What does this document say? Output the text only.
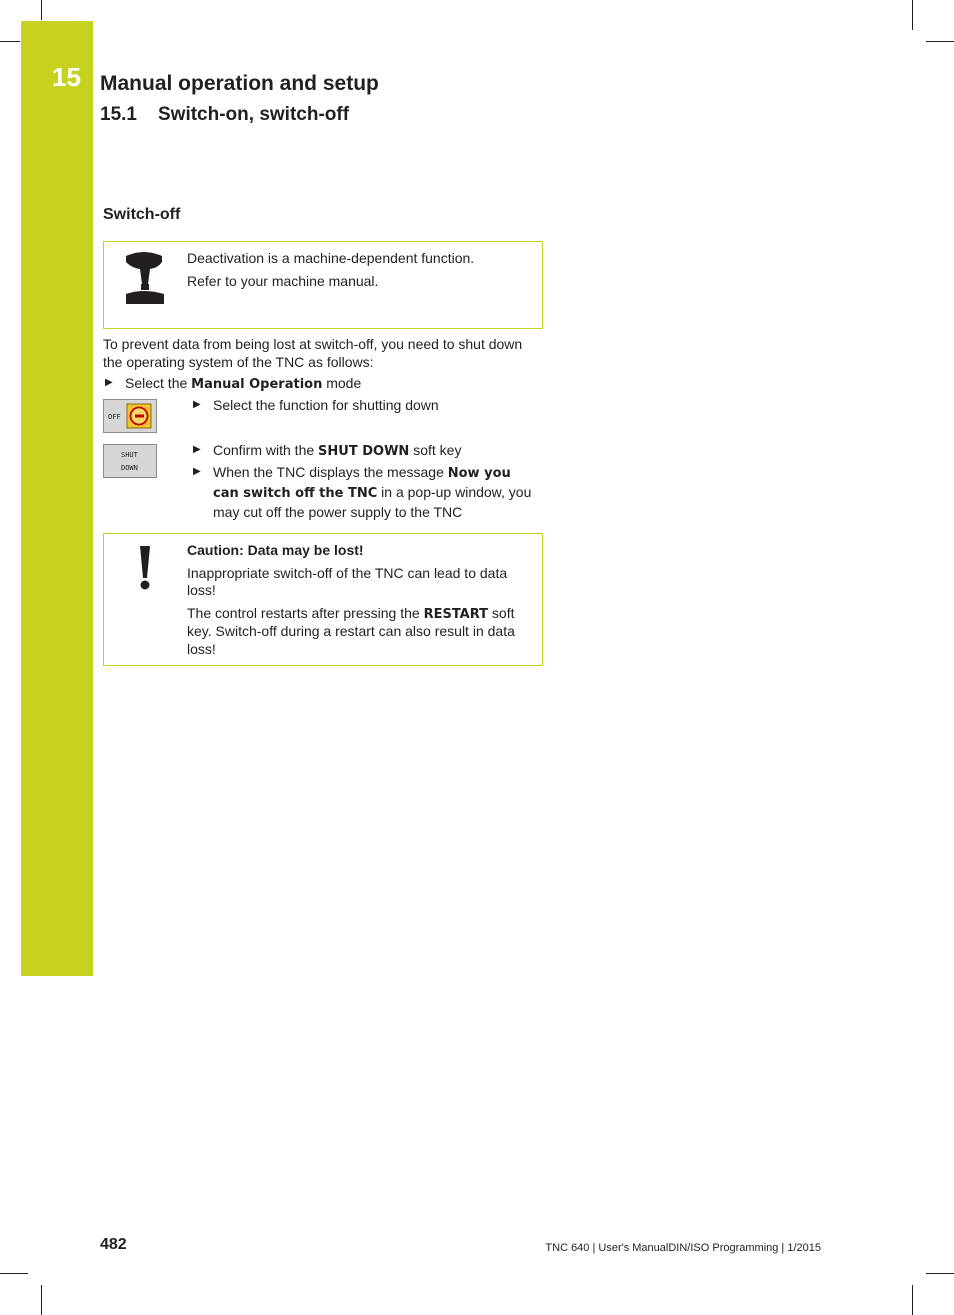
15 Manual operation and setup
15.1 Switch-on, switch-off
Switch-off

Deactivation is a machine-dependent function.

Refer to your machine manual.

To prevent data from being lost at switch-off, you need to shut down the operating system of the TNC as follows:
▶ Select the Manual Operation mode
OFF
▶ Select the function for shutting down
SHUT
DOWN
▶ Confirm with the SHUT DOWN soft key
▶ When the TNC displays the message Now you can switch off the TNC in a pop-up window, you may cut off the power supply to the TNC

Caution: Data may be lost!

Inappropriate switch-off of the TNC can lead to data loss!

The control restarts after pressing the RESTART soft key. Switch-off during a restart can also result in data loss!

482	TNC 640 | User's ManualDIN/ISO Programming | 1/2015
